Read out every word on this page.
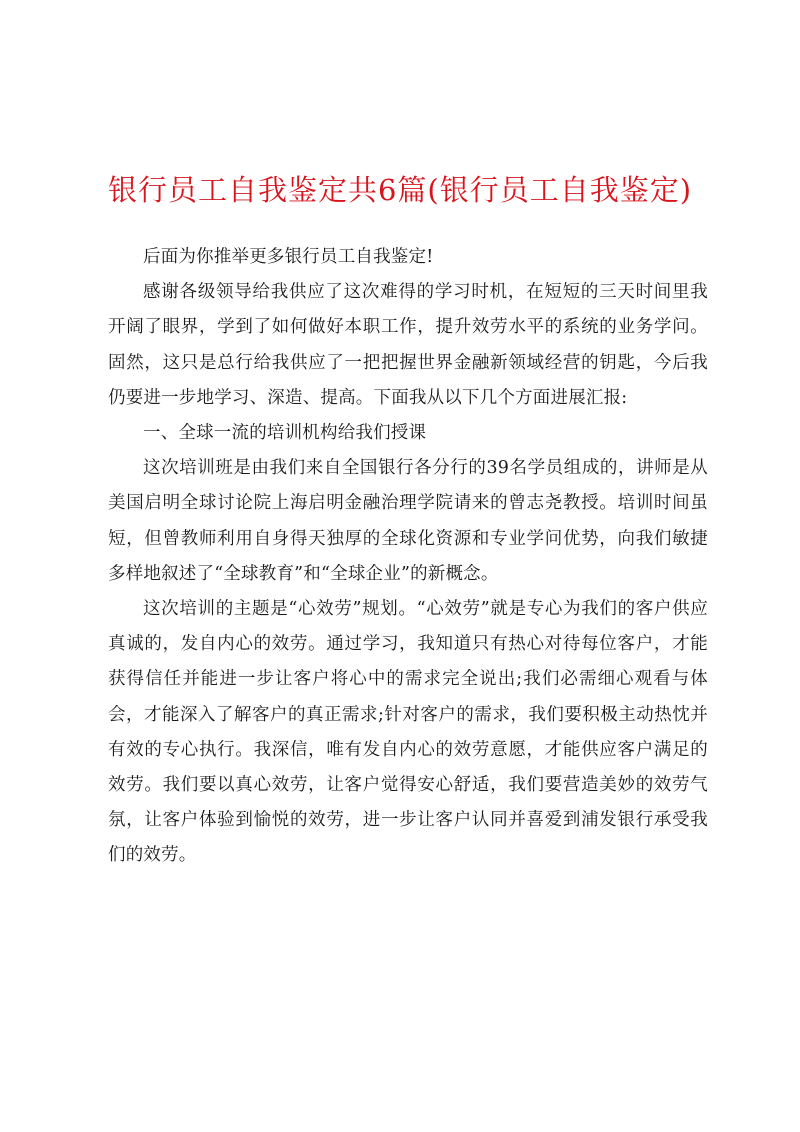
银行员工自我鉴定共6篇(银行员工自我鉴定)

后面为你推举更多银行员工自我鉴定!

感谢各级领导给我供应了这次难得的学习时机，在短短的三天时间里我开阔了眼界，学到了如何做好本职工作，提升效劳水平的系统的业务学问。固然，这只是总行给我供应了一把把握世界金融新领域经营的钥匙，今后我仍要进一步地学习、深造、提高。下面我从以下几个方面进展汇报:

一、全球一流的培训机构给我们授课

这次培训班是由我们来自全国银行各分行的39名学员组成的，讲师是从美国启明全球讨论院上海启明金融治理学院请来的曾志尧教授。培训时间虽短，但曾教师利用自身得天独厚的全球化资源和专业学问优势，向我们敏捷多样地叙述了“全球教育”和“全球企业”的新概念。

这次培训的主题是“心效劳”规划。“心效劳”就是专心为我们的客户供应真诚的，发自内心的效劳。通过学习，我知道只有热心对待每位客户，才能获得信任并能进一步让客户将心中的需求完全说出;我们必需细心观看与体会，才能深入了解客户的真正需求;针对客户的需求，我们要积极主动热忱并有效的专心执行。我深信，唯有发自内心的效劳意愿，才能供应客户满足的效劳。我们要以真心效劳，让客户觉得安心舒适，我们要营造美妙的效劳气氛，让客户体验到愉悦的效劳，进一步让客户认同并喜爱到浦发银行承受我们的效劳。
